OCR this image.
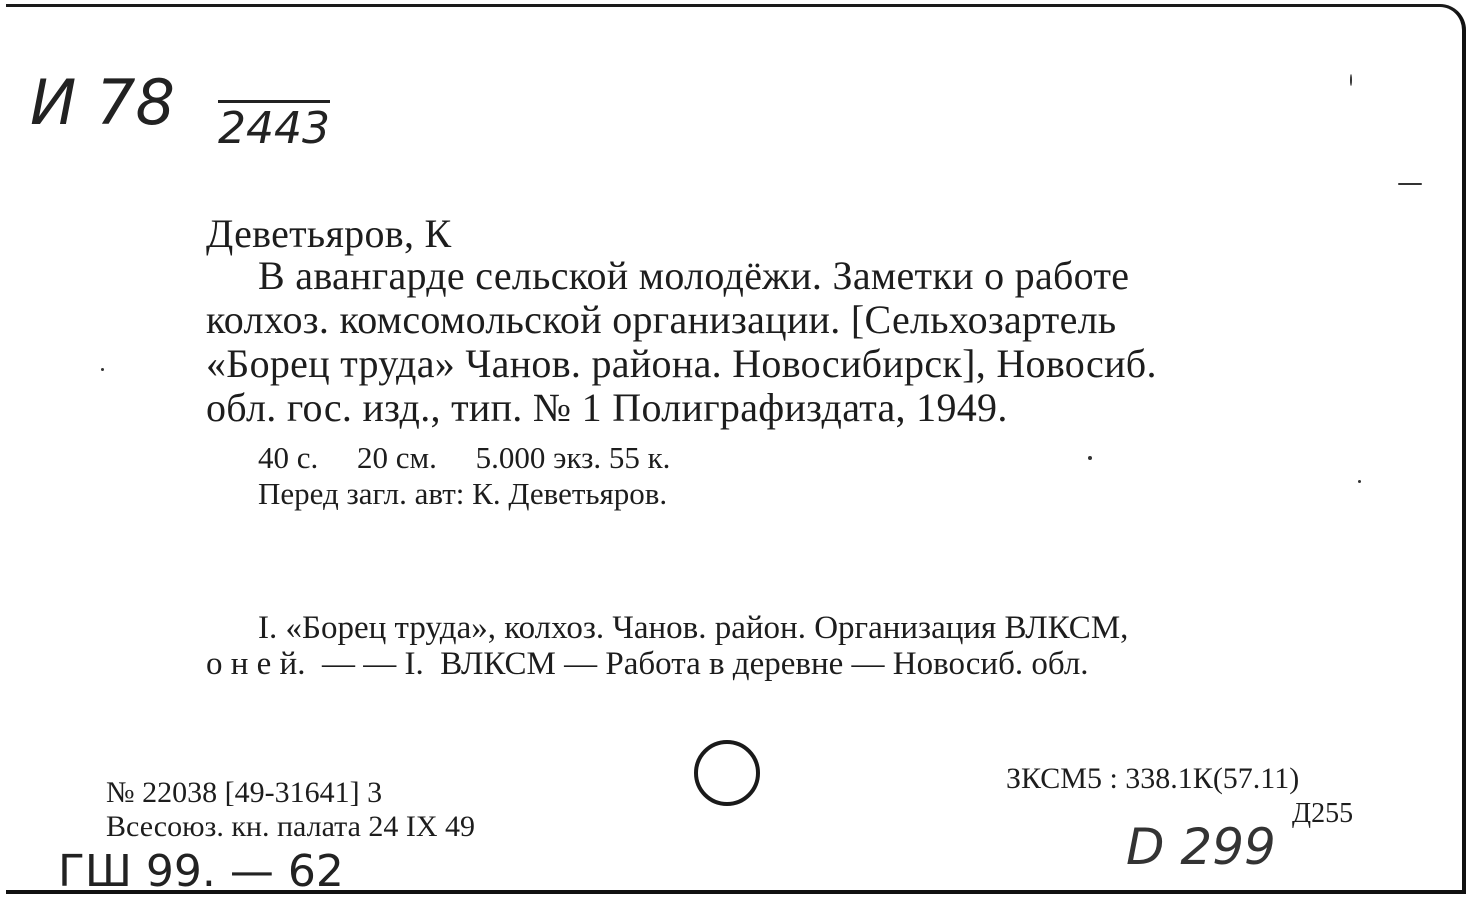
И 78 2443
Деветьяров, К
В авангарде сельской молодёжи. Заметки о работе
колхоз. комсомольской организации. [Сельхозартель
«Борец труда» Чанов. района. Новосибирск], Новосиб.
обл. гос. изд., тип. № 1 Полиграфиздата, 1949.
40 с.     20 см.     5.000 экз. 55 к.
Перед загл. авт: К. Деветьяров.
I. «Борец труда», колхоз. Чанов. район. Организация ВЛКСМ,
о н е й.  — — I.  ВЛКСМ — Работа в деревне — Новосиб. обл.
№ 22038 [49-31641] 3
Всесоюз. кн. палата 24 IX 49
ГШ 99. — 62
ЗКСМ5 : 338.1К(57.11)
Д255
D 299
